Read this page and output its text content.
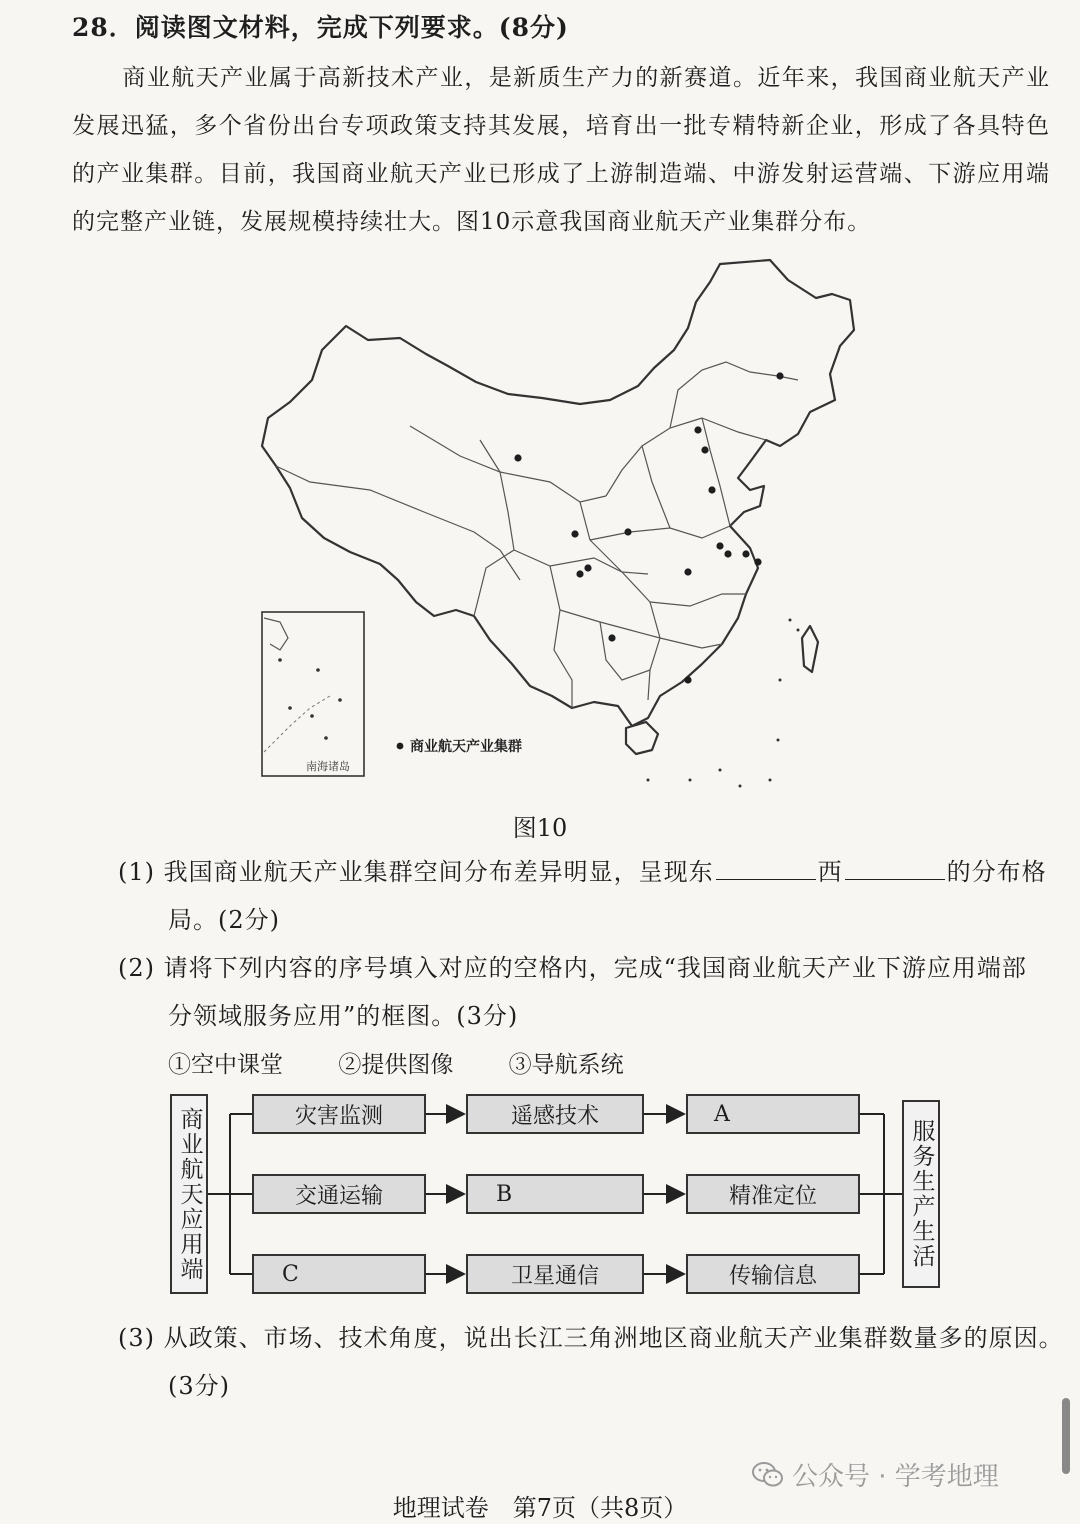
28．阅读图文材料，完成下列要求。(8分)
商业航天产业属于高新技术产业，是新质生产力的新赛道。近年来，我国商业航天产业发展迅猛，多个省份出台专项政策支持其发展，培育出一批专精特新企业，形成了各具特色的产业集群。目前，我国商业航天产业已形成了上游制造端、中游发射运营端、下游应用端的完整产业链，发展规模持续壮大。图10示意我国商业航天产业集群分布。
南海诸岛
商业航天产业集群
图10
(1) 我国商业航天产业集群空间分布差异明显，呈现东	西	的分布格
局。(2分)
(2) 请将下列内容的序号填入对应的空格内，完成“我国商业航天产业下游应用端部
分领域服务应用”的框图。(3分)
①空中课堂 ②提供图像 ③导航系统
商业航天应用端	服务生产生活
灾害监测	遥感技术	A
交通运输	B	精准定位
C	卫星通信	传输信息
(3) 从政策、市场、技术角度，说出长江三角洲地区商业航天产业集群数量多的原因。
(3分)
公众号 · 学考地理
地理试卷　第7页（共8页）
